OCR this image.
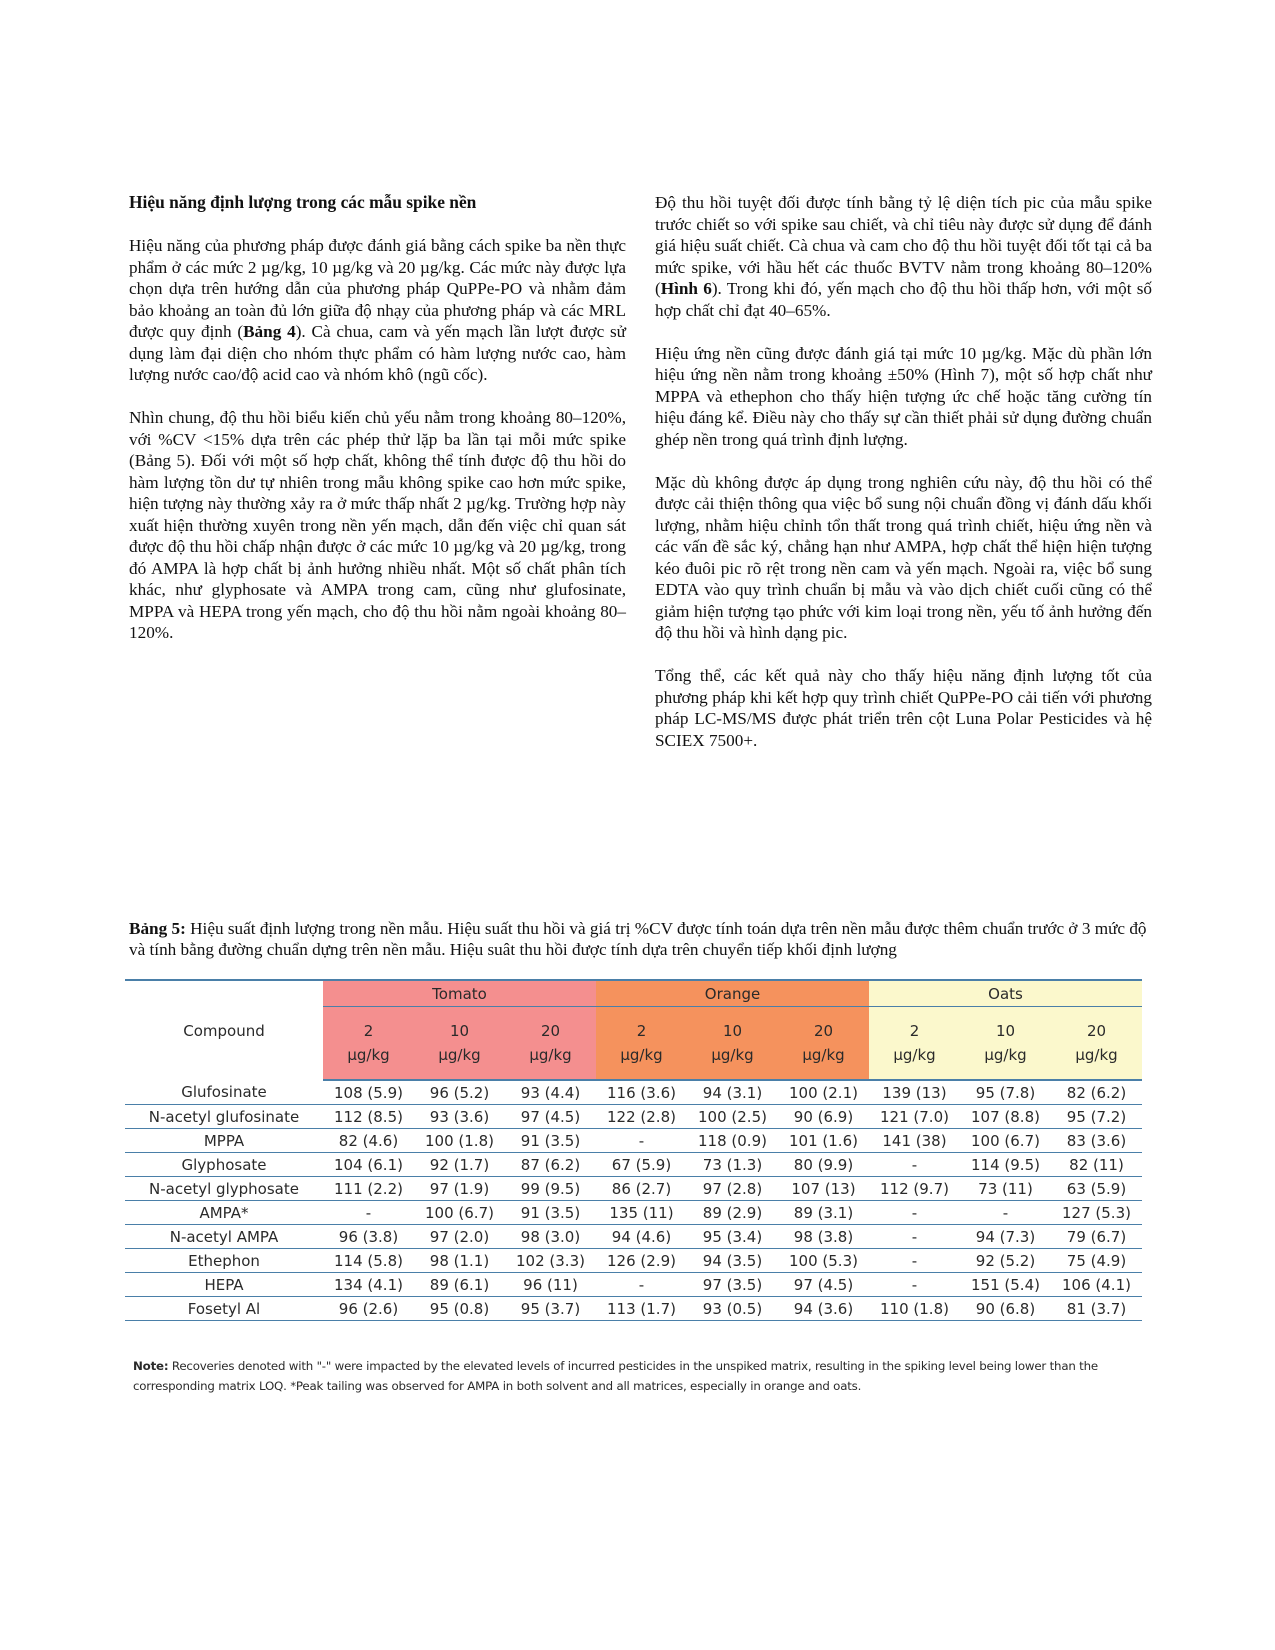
Hiệu năng định lượng trong các mẫu spike nền

Hiệu năng của phương pháp được đánh giá bằng cách spike ba nền thực phẩm ở các mức 2 µg/kg, 10 µg/kg và 20 µg/kg. Các mức này được lựa chọn dựa trên hướng dẫn của phương pháp QuPPe-PO và nhằm đảm bảo khoảng an toàn đủ lớn giữa độ nhạy của phương pháp và các MRL được quy định (Bảng 4). Cà chua, cam và yến mạch lần lượt được sử dụng làm đại diện cho nhóm thực phẩm có hàm lượng nước cao, hàm lượng nước cao/độ acid cao và nhóm khô (ngũ cốc).

Nhìn chung, độ thu hồi biểu kiến chủ yếu nằm trong khoảng 80–120%, với %CV <15% dựa trên các phép thử lặp ba lần tại mỗi mức spike (Bảng 5). Đối với một số hợp chất, không thể tính được độ thu hồi do hàm lượng tồn dư tự nhiên trong mẫu không spike cao hơn mức spike, hiện tượng này thường xảy ra ở mức thấp nhất 2 µg/kg. Trường hợp này xuất hiện thường xuyên trong nền yến mạch, dẫn đến việc chỉ quan sát được độ thu hồi chấp nhận được ở các mức 10 µg/kg và 20 µg/kg, trong đó AMPA là hợp chất bị ảnh hưởng nhiều nhất. Một số chất phân tích khác, như glyphosate và AMPA trong cam, cũng như glufosinate, MPPA và HEPA trong yến mạch, cho độ thu hồi nằm ngoài khoảng 80–120%.

Độ thu hồi tuyệt đối được tính bằng tỷ lệ diện tích pic của mẫu spike trước chiết so với spike sau chiết, và chỉ tiêu này được sử dụng để đánh giá hiệu suất chiết. Cà chua và cam cho độ thu hồi tuyệt đối tốt tại cả ba mức spike, với hầu hết các thuốc BVTV nằm trong khoảng 80–120% (Hình 6). Trong khi đó, yến mạch cho độ thu hồi thấp hơn, với một số hợp chất chỉ đạt 40–65%.

Hiệu ứng nền cũng được đánh giá tại mức 10 µg/kg. Mặc dù phần lớn hiệu ứng nền nằm trong khoảng ±50% (Hình 7), một số hợp chất như MPPA và ethephon cho thấy hiện tượng ức chế hoặc tăng cường tín hiệu đáng kể. Điều này cho thấy sự cần thiết phải sử dụng đường chuẩn ghép nền trong quá trình định lượng.

Mặc dù không được áp dụng trong nghiên cứu này, độ thu hồi có thể được cải thiện thông qua việc bổ sung nội chuẩn đồng vị đánh dấu khối lượng, nhằm hiệu chỉnh tổn thất trong quá trình chiết, hiệu ứng nền và các vấn đề sắc ký, chẳng hạn như AMPA, hợp chất thể hiện hiện tượng kéo đuôi pic rõ rệt trong nền cam và yến mạch. Ngoài ra, việc bổ sung EDTA vào quy trình chuẩn bị mẫu và vào dịch chiết cuối cũng có thể giảm hiện tượng tạo phức với kim loại trong nền, yếu tố ảnh hưởng đến độ thu hồi và hình dạng pic.

Tổng thể, các kết quả này cho thấy hiệu năng định lượng tốt của phương pháp khi kết hợp quy trình chiết QuPPe-PO cải tiến với phương pháp LC-MS/MS được phát triển trên cột Luna Polar Pesticides và hệ SCIEX 7500+.

Bảng 5: Hiệu suất định lượng trong nền mẫu. Hiệu suất thu hồi và giá trị %CV được tính toán dựa trên nền mẫu được thêm chuẩn trước ở 3 mức độ và tính bằng đường chuẩn dựng trên nền mẫu. Hiệu suât thu hồi được tính dựa trên chuyển tiếp khối định lượng
Compound	Tomato			Orange			Oats		
	2
µg/kg	10
µg/kg	20
µg/kg	2
µg/kg	10
µg/kg	20
µg/kg	2
µg/kg	10
µg/kg	20
µg/kg
Glufosinate	108 (5.9)	96 (5.2)	93 (4.4)	116 (3.6)	94 (3.1)	100 (2.1)	139 (13)	95 (7.8)	82 (6.2)
N-acetyl glufosinate	112 (8.5)	93 (3.6)	97 (4.5)	122 (2.8)	100 (2.5)	90 (6.9)	121 (7.0)	107 (8.8)	95 (7.2)
MPPA	82 (4.6)	100 (1.8)	91 (3.5)	-	118 (0.9)	101 (1.6)	141 (38)	100 (6.7)	83 (3.6)
Glyphosate	104 (6.1)	92 (1.7)	87 (6.2)	67 (5.9)	73 (1.3)	80 (9.9)	-	114 (9.5)	82 (11)
N-acetyl glyphosate	111 (2.2)	97 (1.9)	99 (9.5)	86 (2.7)	97 (2.8)	107 (13)	112 (9.7)	73 (11)	63 (5.9)
AMPA*	-	100 (6.7)	91 (3.5)	135 (11)	89 (2.9)	89 (3.1)	-	-	127 (5.3)
N-acetyl AMPA	96 (3.8)	97 (2.0)	98 (3.0)	94 (4.6)	95 (3.4)	98 (3.8)	-	94 (7.3)	79 (6.7)
Ethephon	114 (5.8)	98 (1.1)	102 (3.3)	126 (2.9)	94 (3.5)	100 (5.3)	-	92 (5.2)	75 (4.9)
HEPA	134 (4.1)	89 (6.1)	96 (11)	-	97 (3.5)	97 (4.5)	-	151 (5.4)	106 (4.1)
Fosetyl Al	96 (2.6)	95 (0.8)	95 (3.7)	113 (1.7)	93 (0.5)	94 (3.6)	110 (1.8)	90 (6.8)	81 (3.7)
Note: Recoveries denoted with "-" were impacted by the elevated levels of incurred pesticides in the unspiked matrix, resulting in the spiking level being lower than the corresponding matrix LOQ. *Peak tailing was observed for AMPA in both solvent and all matrices, especially in orange and oats.
